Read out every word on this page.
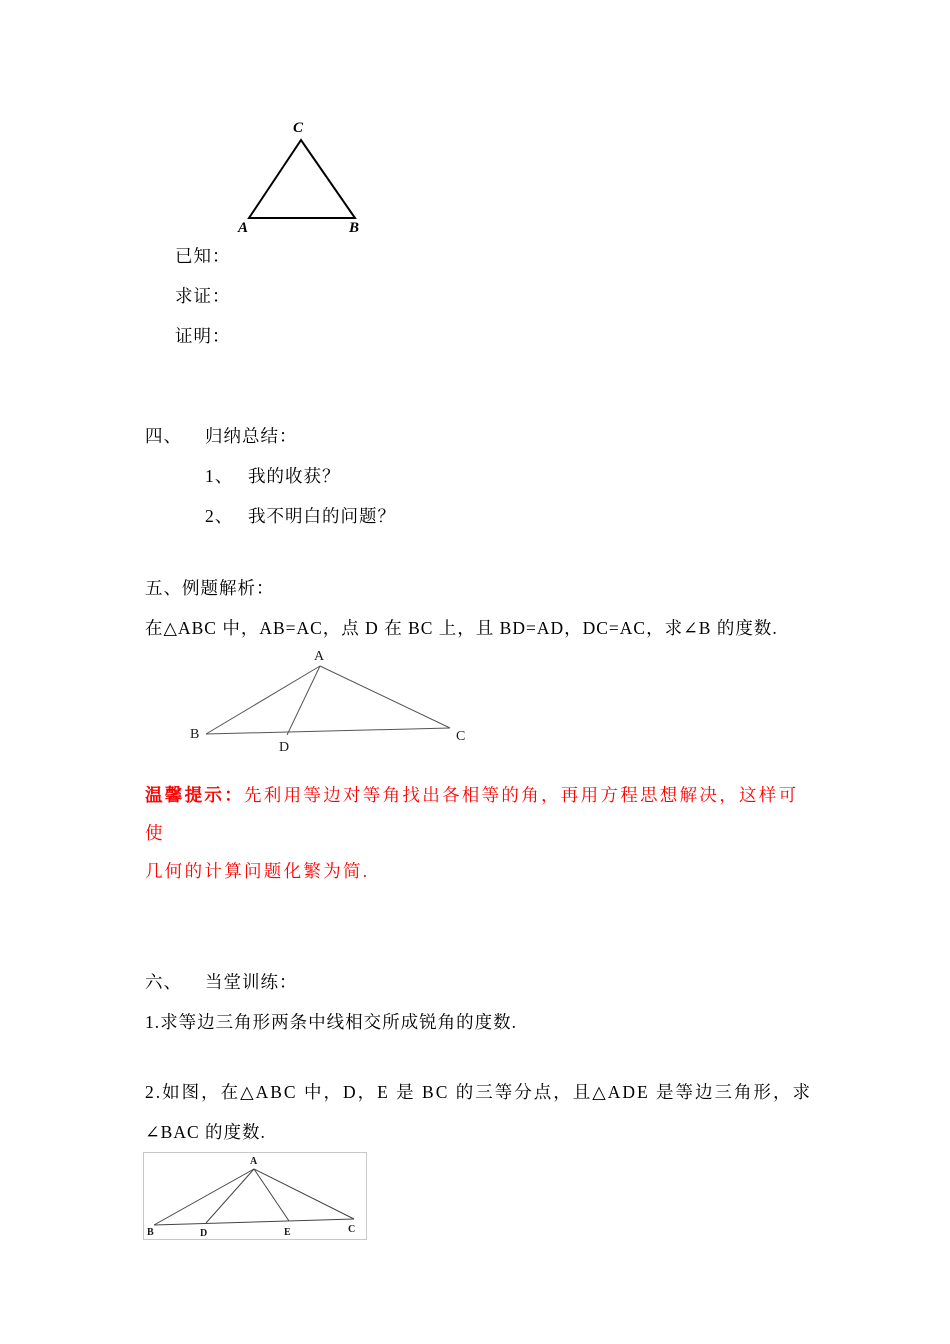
C
A	B
已知：
求证：
证明：
四、 归纳总结：
1、 我的收获？
2、 我不明白的问题？
五、例题解析：
在△ABC 中，AB=AC，点 D 在 BC 上，且 BD=AD，DC=AC，求∠B 的度数.
A
B	C
D
温馨提示：先利用等边对等角找出各相等的角，再用方程思想解决，这样可使
几何的计算问题化繁为简.
六、 当堂训练：
1.求等边三角形两条中线相交所成锐角的度数.
2.如图，在△ABC 中，D，E 是 BC 的三等分点，且△ADE 是等边三角形，求
∠BAC 的度数.
A
B	D	E	C
